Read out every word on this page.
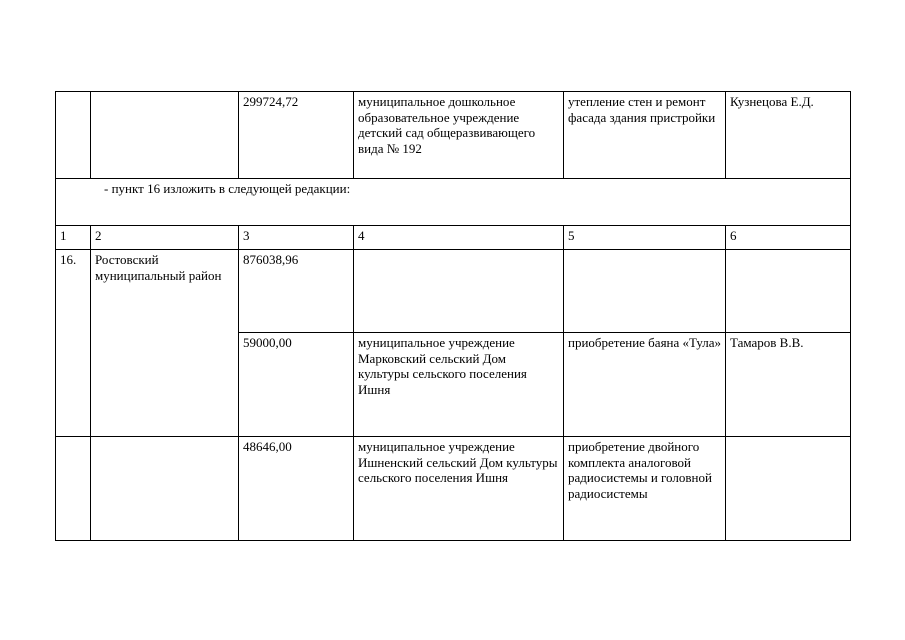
		299724,72	муниципальное дошкольное образовательное учреждение детский сад общеразвивающего вида № 192	утепление стен и ремонт фасада здания пристройки	Кузнецова Е.Д.
- пункт 16 изложить в следующей редакции:					
1	2	3	4	5	6
16.	Ростовский муниципальный район	876038,96			
		59000,00	муниципальное учреждение Марковский сельский Дом культуры сельского поселения Ишня	приобретение баяна «Тула»	Тамаров В.В.
		48646,00	муниципальное учреждение Ишненский сельский Дом культуры сельского поселения Ишня	приобретение двойного комплекта аналоговой радиосистемы и головной радиосистемы	
